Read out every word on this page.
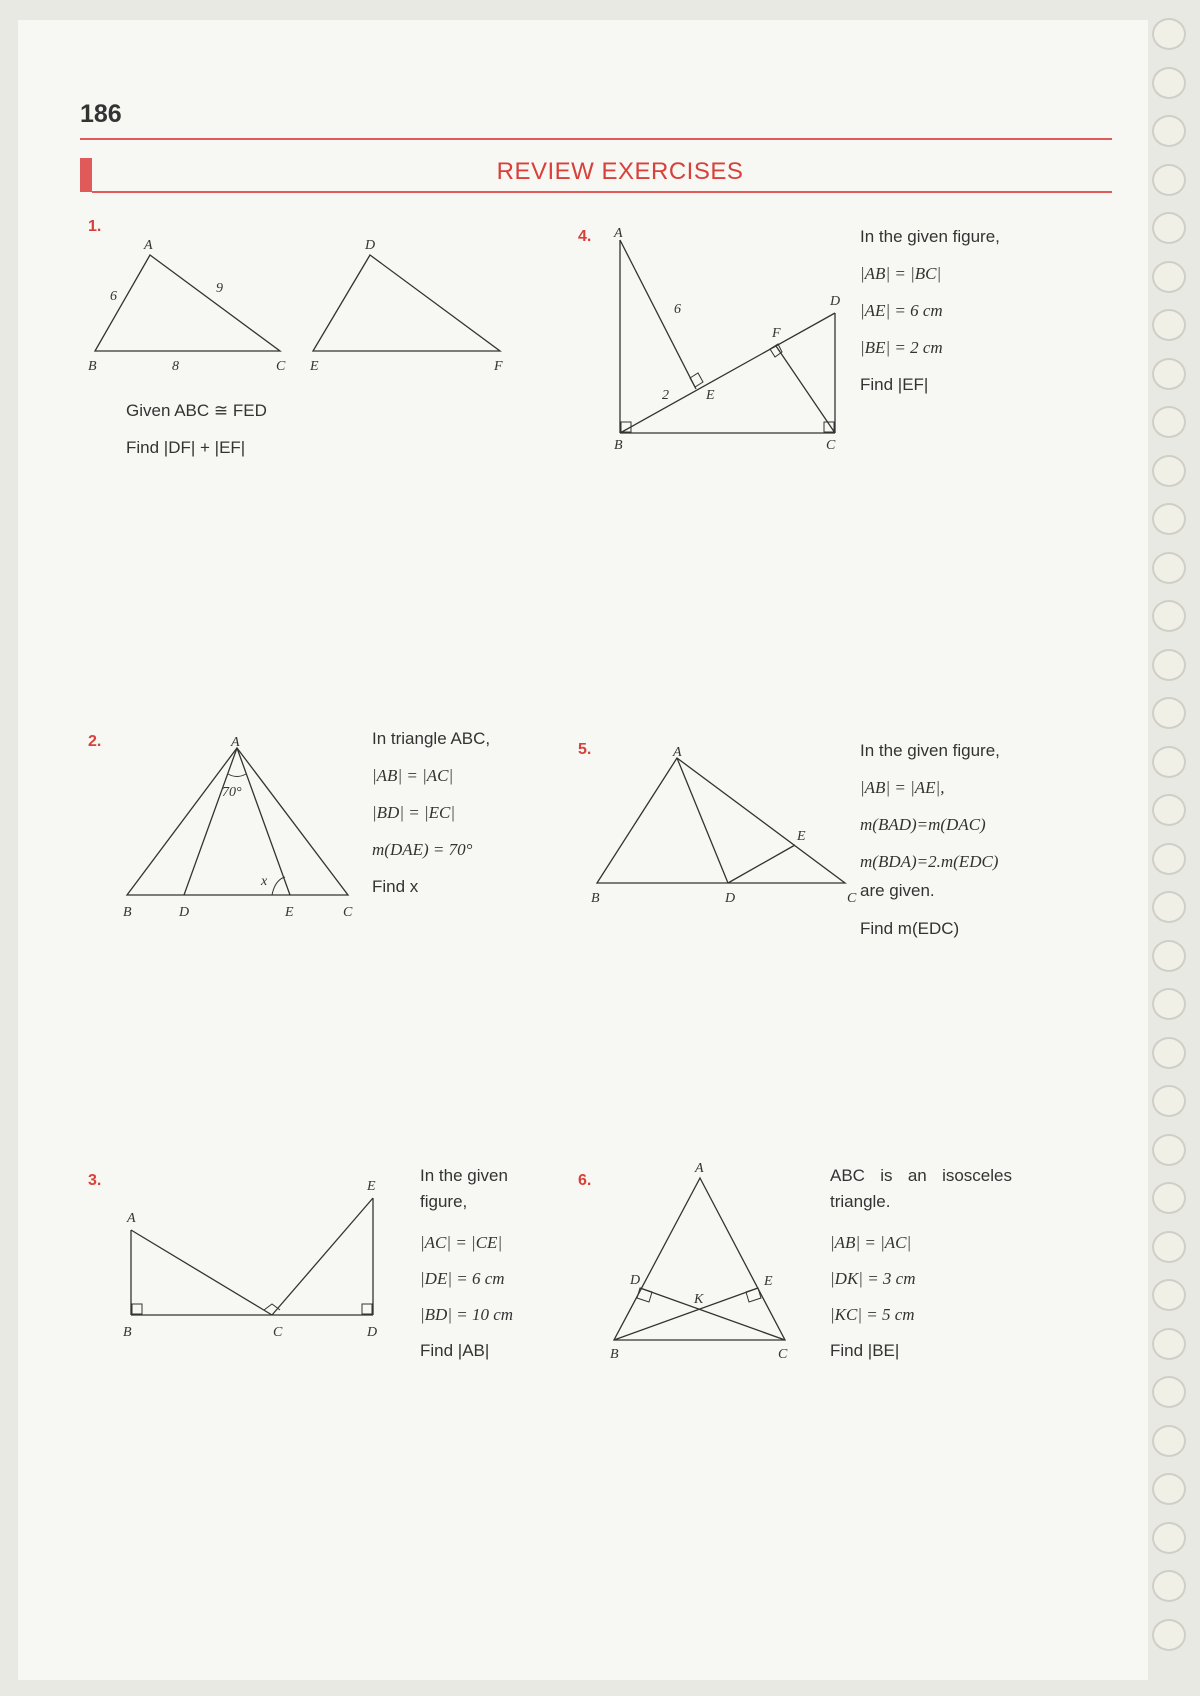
186
REVIEW EXERCISES
1.
A
B	C
D
E	F
6
9
8
Given ABC ≅ FED
Find |DF| + |EF|
2.	A
B	D	E	C
70°
x
In triangle ABC,
|AB| = |AC|
|BD| = |EC|
m(DAE) = 70°
Find x
3.
A
B	C	D
E
In the given figure,
|AC| = |CE|
|DE| = 6 cm
|BD| = 10 cm
Find |AB|
4. A
B	C
D
E
F
6
2
In the given figure,
|AB| = |BC|
|AE| = 6 cm
|BE| = 2 cm
Find |EF|
5.	A
B	D	C
E
In the given figure,
|AB| = |AE|,
m(BAD)=m(DAC)
m(BDA)=2.m(EDC)
are given.
Find m(EDC)
6.
A
B	C
D	E
K
ABC is an isosceles triangle.
|AB| = |AC|
|DK| = 3 cm
|KC| = 5 cm
Find |BE|
